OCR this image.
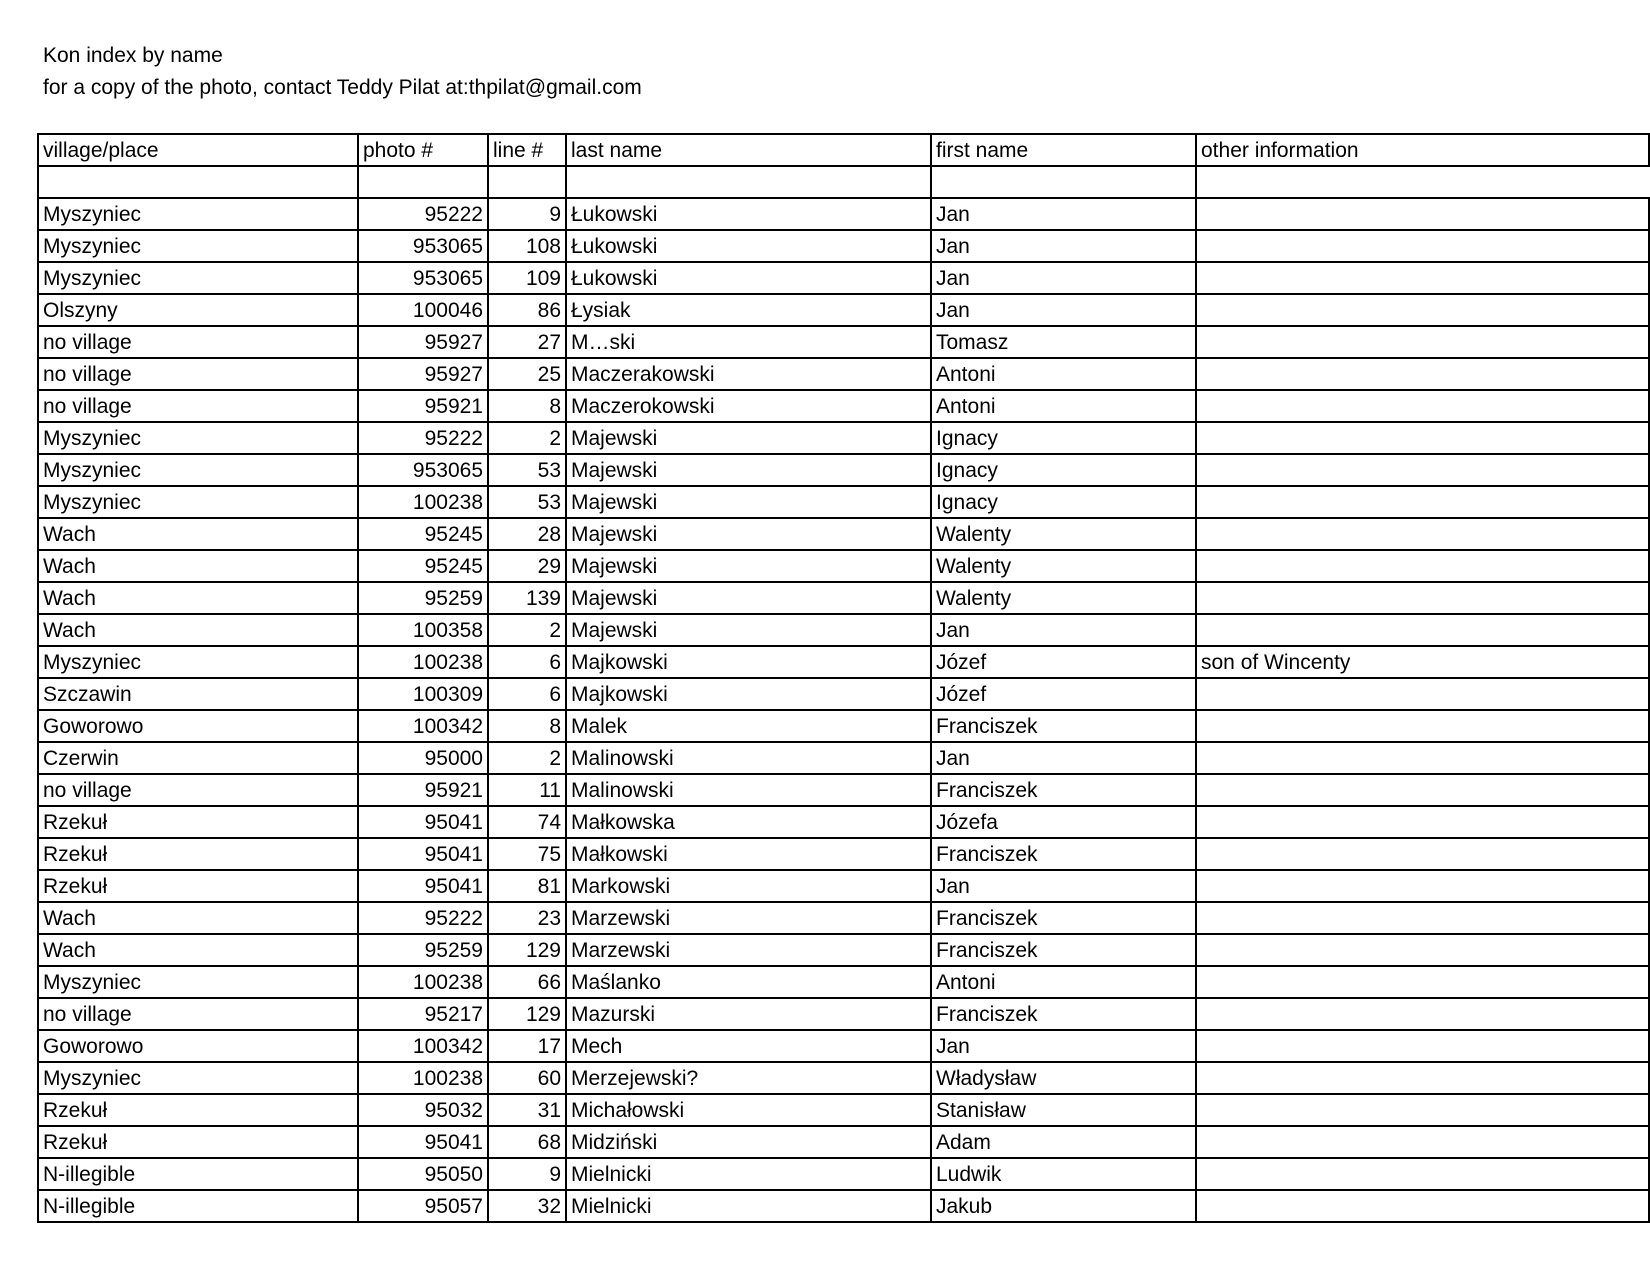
Kon index by name
for a copy of the photo, contact Teddy Pilat at:thpilat@gmail.com
village/place	photo #	line #	last name	first name	other information

Myszyniec	95222	9	Łukowski	Jan	
Myszyniec	953065	108	Łukowski	Jan	
Myszyniec	953065	109	Łukowski	Jan	
Olszyny	100046	86	Łysiak	Jan	
no village	95927	27	M…ski	Tomasz	
no village	95927	25	Maczerakowski	Antoni	
no village	95921	8	Maczerokowski	Antoni	
Myszyniec	95222	2	Majewski	Ignacy	
Myszyniec	953065	53	Majewski	Ignacy	
Myszyniec	100238	53	Majewski	Ignacy	
Wach	95245	28	Majewski	Walenty	
Wach	95245	29	Majewski	Walenty	
Wach	95259	139	Majewski	Walenty	
Wach	100358	2	Majewski	Jan	
Myszyniec	100238	6	Majkowski	Józef	son of Wincenty
Szczawin	100309	6	Majkowski	Józef	
Goworowo	100342	8	Malek	Franciszek	
Czerwin	95000	2	Malinowski	Jan	
no village	95921	11	Malinowski	Franciszek	
Rzekuł	95041	74	Małkowska	Józefa	
Rzekuł	95041	75	Małkowski	Franciszek	
Rzekuł	95041	81	Markowski	Jan	
Wach	95222	23	Marzewski	Franciszek	
Wach	95259	129	Marzewski	Franciszek	
Myszyniec	100238	66	Maślanko	Antoni	
no village	95217	129	Mazurski	Franciszek	
Goworowo	100342	17	Mech	Jan	
Myszyniec	100238	60	Merzejewski?	Władysław	
Rzekuł	95032	31	Michałowski	Stanisław	
Rzekuł	95041	68	Midziński	Adam	
N-illegible	95050	9	Mielnicki	Ludwik	
N-illegible	95057	32	Mielnicki	Jakub	
